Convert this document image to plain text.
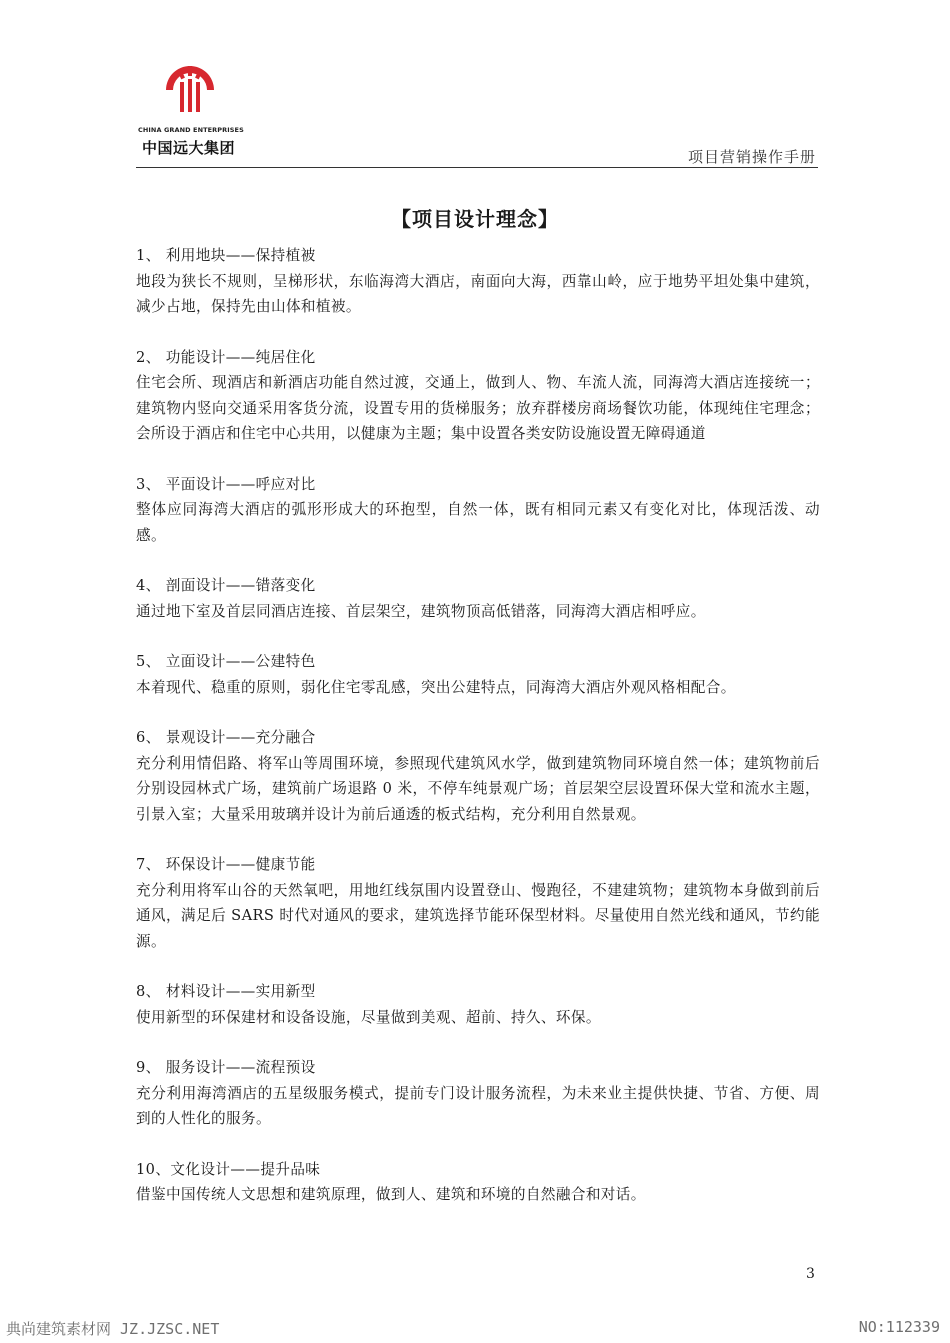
CHINA GRAND ENTERPRISES
中国远大集团	项目营销操作手册
【项目设计理念】

1、 利用地块——保持植被

地段为狭长不规则，呈梯形状，东临海湾大酒店，南面向大海，西靠山岭，应于地势平坦处集中建筑，减少占地，保持先由山体和植被。

2、 功能设计——纯居住化

住宅会所、现酒店和新酒店功能自然过渡，交通上，做到人、物、车流人流，同海湾大酒店连接统一；建筑物内竖向交通采用客货分流，设置专用的货梯服务；放弃群楼房商场餐饮功能，体现纯住宅理念；会所设于酒店和住宅中心共用，以健康为主题；集中设置各类安防设施设置无障碍通道

3、 平面设计——呼应对比

整体应同海湾大酒店的弧形形成大的环抱型，自然一体，既有相同元素又有变化对比，体现活泼、动感。

4、 剖面设计——错落变化

通过地下室及首层同酒店连接、首层架空，建筑物顶高低错落，同海湾大酒店相呼应。

5、 立面设计——公建特色

本着现代、稳重的原则，弱化住宅零乱感，突出公建特点，同海湾大酒店外观风格相配合。

6、 景观设计——充分融合

充分利用情侣路、将军山等周围环境，参照现代建筑风水学，做到建筑物同环境自然一体；建筑物前后分别设园林式广场，建筑前广场退路 0 米，不停车纯景观广场；首层架空层设置环保大堂和流水主题，引景入室；大量采用玻璃并设计为前后通透的板式结构，充分利用自然景观。

7、 环保设计——健康节能

充分利用将军山谷的天然氧吧，用地红线氛围内设置登山、慢跑径，不建建筑物；建筑物本身做到前后通风，满足后 SARS 时代对通风的要求，建筑选择节能环保型材料。尽量使用自然光线和通风，节约能源。

8、 材料设计——实用新型

使用新型的环保建材和设备设施，尽量做到美观、超前、持久、环保。

9、 服务设计——流程预设

充分利用海湾酒店的五星级服务模式，提前专门设计服务流程，为未来业主提供快捷、节省、方便、周到的人性化的服务。

10、文化设计——提升品味

借鉴中国传统人文思想和建筑原理，做到人、建筑和环境的自然融合和对话。

3
典尚建筑素材网 JZ.JZSC.NET	NO:112339
